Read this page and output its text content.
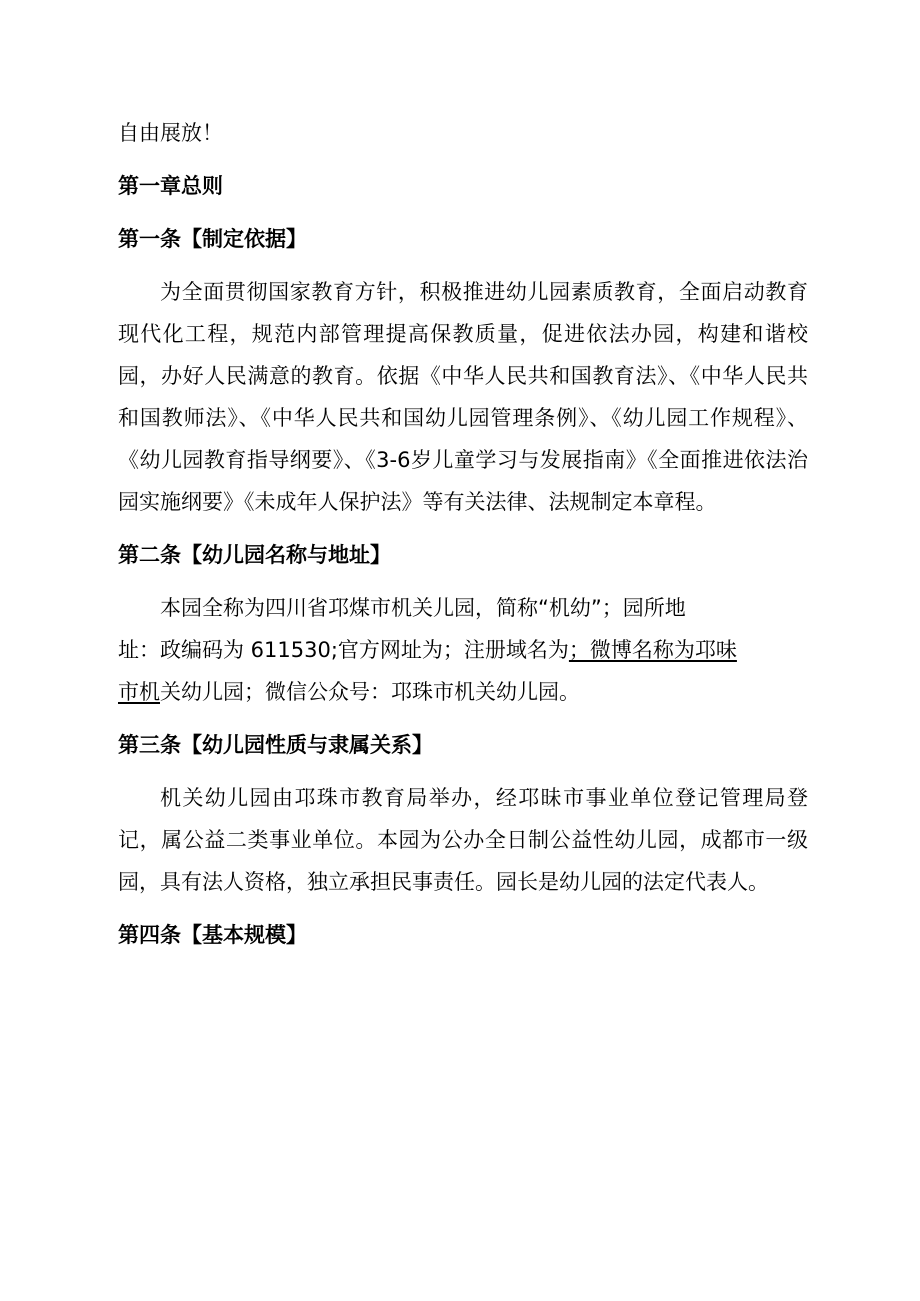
自由展放！

第一章总则

第一条【制定依据】

为全面贯彻国家教育方针，积极推进幼儿园素质教育，全面启动教育现代化工程，规范内部管理提高保教质量，促进依法办园，构建和谐校园，办好人民满意的教育。依据《中华人民共和国教育法》、《中华人民共和国教师法》、《中华人民共和国幼儿园管理条例》、《幼儿园工作规程》、《幼儿园教育指导纲要》、《3-6岁儿童学习与发展指南》《全面推进依法治园实施纲要》《未成年人保护法》等有关法律、法规制定本章程。

第二条【幼儿园名称与地址】

本园全称为四川省邛煤市机关儿园，简称“机幼”；园所地
址：政编码为 611530;官方网址为；注册域名为；微博名称为邛味
市机关幼儿园；微信公众号：邛珠市机关幼儿园。

第三条【幼儿园性质与隶属关系】

机关幼儿园由邛珠市教育局举办，经邛昧市事业单位登记管理局登记，属公益二类事业单位。本园为公办全日制公益性幼儿园，成都市一级园，具有法人资格，独立承担民事责任。园长是幼儿园的法定代表人。

第四条【基本规模】
